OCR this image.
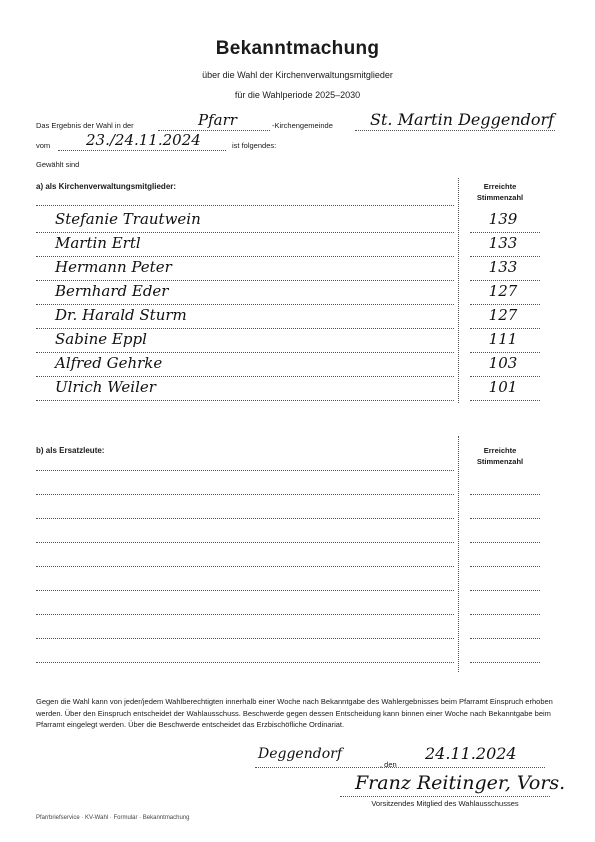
Bekanntmachung
über die Wahl der Kirchenverwaltungsmitglieder
für die Wahlperiode 2025–2030
Das Ergebnis der Wahl in der	Pfarr	-Kirchengemeinde St. Martin Deggendorf
vom 23./24.11.2024	ist folgendes:
Gewählt sind
a) als Kirchenverwaltungsmitglieder:	Erreichte
Stimmenzahl
Stefanie Trautwein	139
Martin Ertl	133
Hermann Peter	133
Bernhard Eder	127
Dr. Harald Sturm	127
Sabine Eppl	111
Alfred Gehrke	103
Ulrich Weiler	101
b) als Ersatzleute:	Erreichte
Stimmenzahl
Gegen die Wahl kann von jeder/jedem Wahlberechtigten innerhalb einer Woche nach Bekanntgabe des Wahlergebnisses beim Pfarramt Einspruch erhoben werden. Über den Einspruch entscheidet der Wahlausschuss. Beschwerde gegen dessen Entscheidung kann binnen einer Woche nach Bekanntgabe beim Pfarramt eingelegt werden. Über die Beschwerde entscheidet das Erzbischöfliche Ordinariat.
Deggendorf
, den
24.11.2024
Franz Reitinger, Vors.
Vorsitzendes Mitglied des Wahlausschusses
Pfarrbriefservice · KV-Wahl · Formular · Bekanntmachung
